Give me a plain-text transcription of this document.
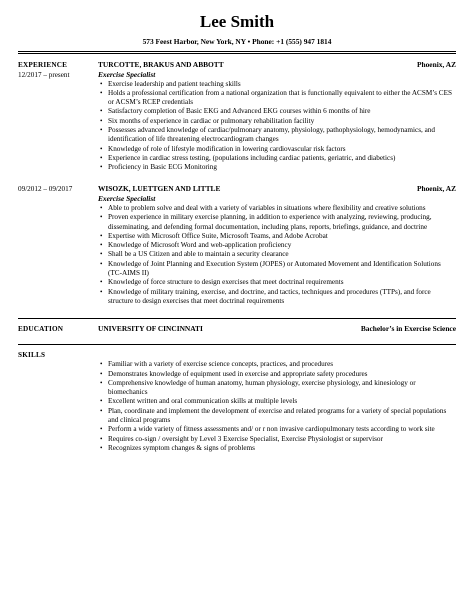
Lee Smith
573 Feest Harbor, New York, NY • Phone: +1 (555) 947 1814
EXPERIENCE
12/2017 – present
TURCOTTE, BRAKUS AND ABBOTT	Phoenix, AZ
Exercise Specialist
• Exercise leadership and patient teaching skills
• Holds a professional certification from a national organization that is functionally equivalent to either the ACSM’s CES or ACSM’s RCEP credentials
• Satisfactory completion of Basic EKG and Advanced EKG courses within 6 months of hire
• Six months of experience in cardiac or pulmonary rehabilitation facility
• Possesses advanced knowledge of cardiac/pulmonary anatomy, physiology, pathophysiology, hemodynamics, and identification of life threatening electrocardiogram changes
• Knowledge of role of lifestyle modification in lowering cardiovascular risk factors
• Experience in cardiac stress testing, (populations including cardiac patients, geriatric, and diabetics)
• Proficiency in Basic ECG Monitoring
09/2012 – 09/2017	WISOZK, LUETTGEN AND LITTLE	Phoenix, AZ
Exercise Specialist
• Able to problem solve and deal with a variety of variables in situations where flexibility and creative solutions
• Proven experience in military exercise planning, in addition to experience with analyzing, reviewing, producing, disseminating, and defending formal documentation, including plans, reports, briefings, guidance, and doctrine
• Expertise with Microsoft Office Suite, Microsoft Teams, and Adobe Acrobat
• Knowledge of Microsoft Word and web-application proficiency
• Shall be a US Citizen and able to maintain a security clearance
• Knowledge of Joint Planning and Execution System (JOPES) or Automated Movement and Identification Solutions (TC-AIMS II)
• Knowledge of force structure to design exercises that meet doctrinal requirements
• Knowledge of military training, exercise, and doctrine, and tactics, techniques and procedures (TTPs), and force structure to design exercises that meet doctrinal requirements
EDUCATION	UNIVERSITY OF CINCINNATI	Bachelor’s in Exercise Science
SKILLS
• Familiar with a variety of exercise science concepts, practices, and procedures
• Demonstrates knowledge of equipment used in exercise and appropriate safety procedures
• Comprehensive knowledge of human anatomy, human physiology, exercise physiology, and kinesiology or biomechanics
• Excellent written and oral communication skills at multiple levels
• Plan, coordinate and implement the development of exercise and related programs for a variety of special populations and clinical programs
• Perform a wide variety of fitness assessments and/ or r non invasive cardiopulmonary tests according to work site
• Requires co-sign / oversight by Level 3 Exercise Specialist, Exercise Physiologist or supervisor
• Recognizes symptom changes & signs of problems
